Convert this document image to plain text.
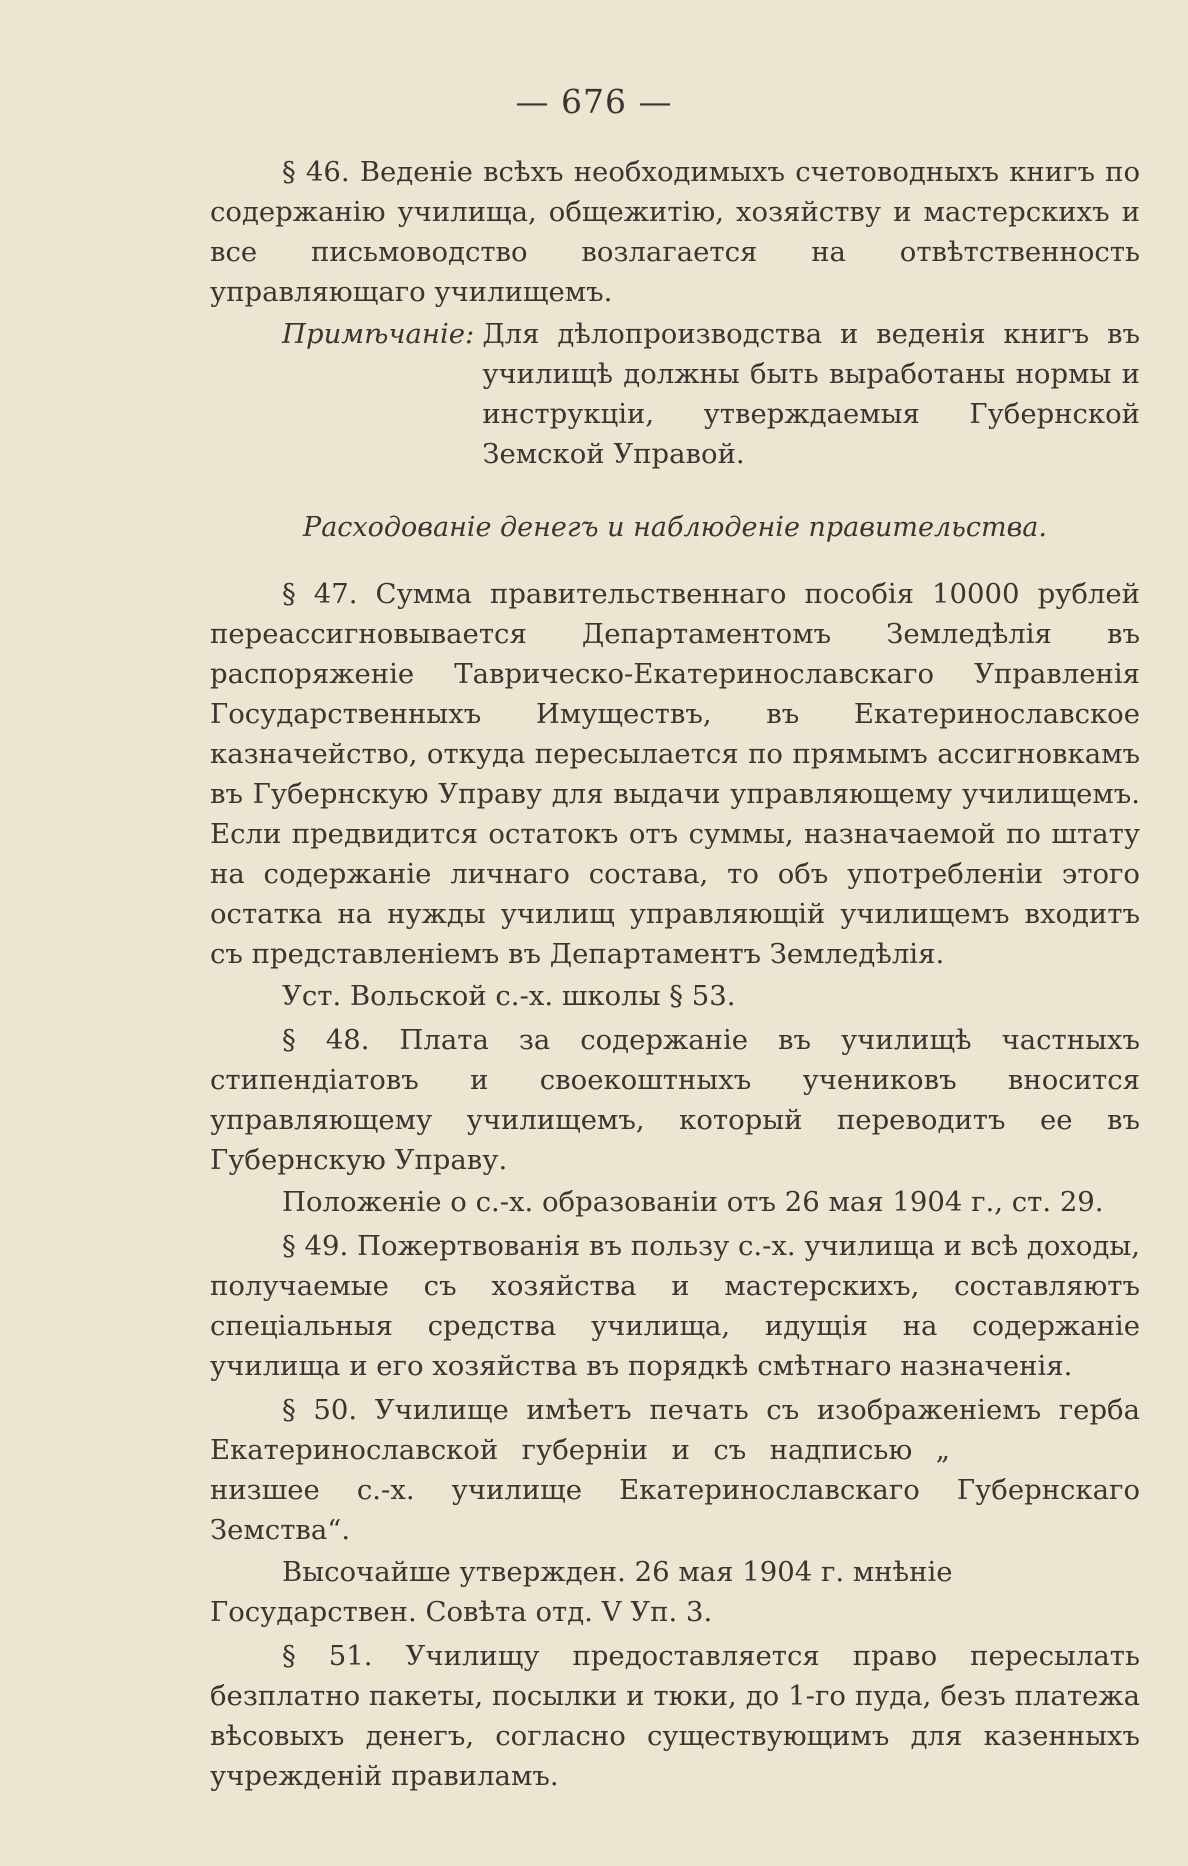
— 676 —

§ 46. Веденіе всѣхъ необходимыхъ счетоводныхъ книгъ по содержанію училища, общежитію, хозяйству и мастерскихъ и все письмоводство возлагается на отвѣтственность управляющаго училищемъ.

Примѣчаніе: Для дѣлопроизводства и веденія книгъ въ училищѣ должны быть выработаны нормы и инструкціи, утверждаемыя Губернской Земской Управой.
Расходованіе денегъ и наблюденіе правительства.

§ 47. Сумма правительственнаго пособія 10000 рублей переассигновывается Департаментомъ Земледѣлія въ распоряженіе Таврическо-Екатеринославскаго Управленія Государственныхъ Имуществъ, въ Екатеринославское казначейство, откуда пересылается по прямымъ ассигновкамъ въ Губернскую Управу для выдачи управляющему училищемъ. Если предвидится остатокъ отъ суммы, назначаемой по штату на содержаніе личнаго состава, то объ употребленіи этого остатка на нужды училищ управляющій училищемъ входитъ съ представленіемъ въ Департаментъ Земледѣлія.

Уст. Вольской с.-х. школы § 53.

§ 48. Плата за содержаніе въ училищѣ частныхъ стипендіатовъ и своекоштныхъ учениковъ вносится управляющему училищемъ, который переводитъ ее въ Губернскую Управу.

Положеніе о с.-х. образованіи отъ 26 мая 1904 г., ст. 29.

§ 49. Пожертвованія въ пользу с.-х. училища и всѣ доходы, получаемые съ хозяйства и мастерскихъ, составляютъ спеціальныя средства училища, идущія на содержаніе училища и его хозяйства въ порядкѣ смѣтнаго назначенія.

§ 50. Училище имѣетъ печать съ изображеніемъ герба Екатеринославской губерніи и съ надписью „низшее с.-х. училище Екатеринославскаго Губернскаго Земства“.

Высочайше утвержден. 26 мая 1904 г. мнѣніе Государствен. Совѣта отд. V Уп. 3.

§ 51. Училищу предоставляется право пересылать безплатно пакеты, посылки и тюки, до 1-го пуда, безъ платежа вѣсовыхъ денегъ, согласно существующимъ для казенныхъ учрежденій правиламъ.
